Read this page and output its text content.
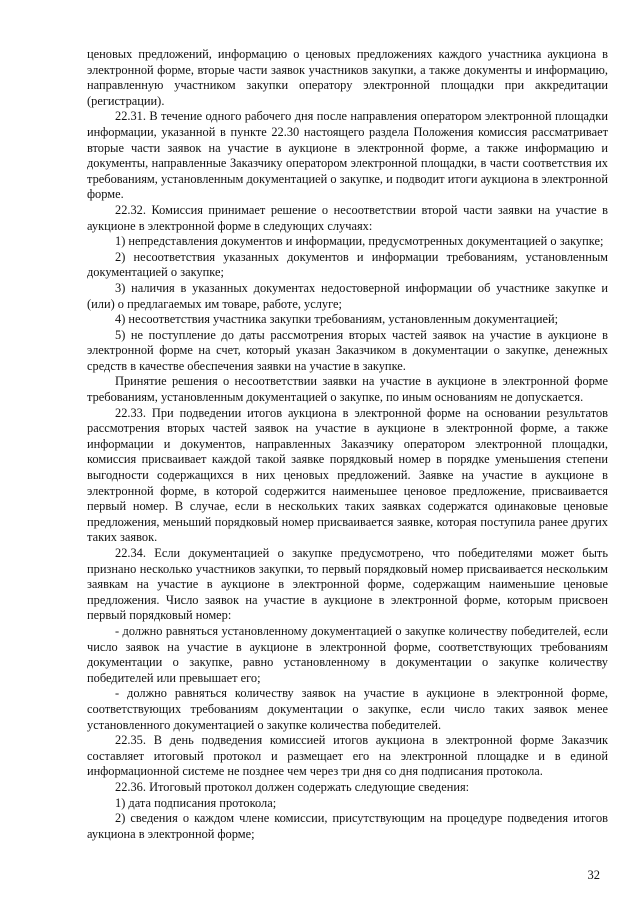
ценовых предложений, информацию о ценовых предложениях каждого участника аукциона в электронной форме, вторые части заявок участников закупки, а также документы и информацию, направленную участником закупки оператору электронной площадки при аккредитации (регистрации).

22.31. В течение одного рабочего дня после направления оператором электронной площадки информации, указанной в пункте 22.30 настоящего раздела Положения комиссия рассматривает вторые части заявок на участие в аукционе в электронной форме, а также информацию и документы, направленные Заказчику оператором электронной площадки, в части соответствия их требованиям, установленным документацией о закупке, и подводит итоги аукциона в электронной форме.

22.32. Комиссия принимает решение о несоответствии второй части заявки на участие в аукционе в электронной форме в следующих случаях:

1) непредставления документов и информации, предусмотренных документацией о закупке;

2) несоответствия указанных документов и информации требованиям, установленным документацией о закупке;

3) наличия в указанных документах недостоверной информации об участнике закупке и (или) о предлагаемых им товаре, работе, услуге;

4) несоответствия участника закупки требованиям, установленным документацией;

5) не поступление до даты рассмотрения вторых частей заявок на участие в аукционе в электронной форме на счет, который указан Заказчиком в документации о закупке, денежных средств в качестве обеспечения заявки на участие в закупке.

Принятие решения о несоответствии заявки на участие в аукционе в электронной форме требованиям, установленным документацией о закупке, по иным основаниям не допускается.

22.33. При подведении итогов аукциона в электронной форме на основании результатов рассмотрения вторых частей заявок на участие в аукционе в электронной форме, а также информации и документов, направленных Заказчику оператором электронной площадки, комиссия присваивает каждой такой заявке порядковый номер в порядке уменьшения степени выгодности содержащихся в них ценовых предложений. Заявке на участие в аукционе в электронной форме, в которой содержится наименьшее ценовое предложение, присваивается первый номер. В случае, если в нескольких таких заявках содержатся одинаковые ценовые предложения, меньший порядковый номер присваивается заявке, которая поступила ранее других таких заявок.

22.34. Если документацией о закупке предусмотрено, что победителями может быть признано несколько участников закупки, то первый порядковый номер присваивается нескольким заявкам на участие в аукционе в электронной форме, содержащим наименьшие ценовые предложения. Число заявок на участие в аукционе в электронной форме, которым присвоен первый порядковый номер:

- должно равняться установленному документацией о закупке количеству победителей, если число заявок на участие в аукционе в электронной форме, соответствующих требованиям документации о закупке, равно установленному в документации о закупке количеству победителей или превышает его;

- должно равняться количеству заявок на участие в аукционе в электронной форме, соответствующих требованиям документации о закупке, если число таких заявок менее установленного документацией о закупке количества победителей.

22.35. В день подведения комиссией итогов аукциона в электронной форме Заказчик составляет итоговый протокол и размещает его на электронной площадке и в единой информационной системе не позднее чем через три дня со дня подписания протокола.

22.36. Итоговый протокол должен содержать следующие сведения:

1) дата подписания протокола;

2) сведения о каждом члене комиссии, присутствующим на процедуре подведения итогов аукциона в электронной форме;

32
